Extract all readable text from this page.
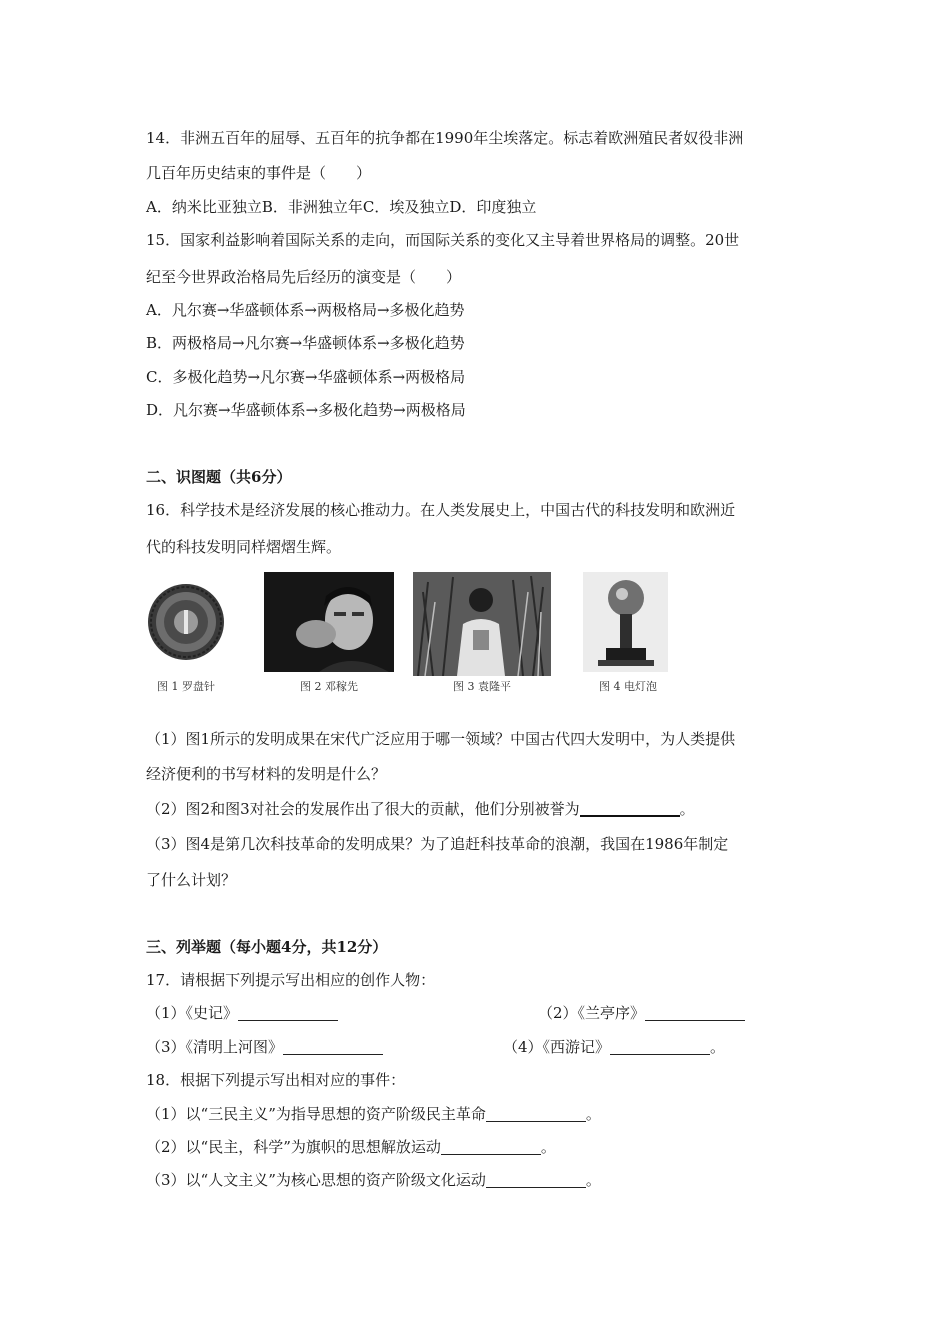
14．非洲五百年的屈辱、五百年的抗争都在1990年尘埃落定。标志着欧洲殖民者奴役非洲
几百年历史结束的事件是（　　）
A．纳米比亚独立B．非洲独立年C．埃及独立D．印度独立
15．国家利益影响着国际关系的走向，而国际关系的变化又主导着世界格局的调整。20世
纪至今世界政治格局先后经历的演变是（　　）
A．凡尔赛→华盛顿体系→两极格局→多极化趋势
B．两极格局→凡尔赛→华盛顿体系→多极化趋势
C．多极化趋势→凡尔赛→华盛顿体系→两极格局
D．凡尔赛→华盛顿体系→多极化趋势→两极格局
二、识图题（共6分）
16．科学技术是经济发展的核心推动力。在人类发展史上，中国古代的科技发明和欧洲近
代的科技发明同样熠熠生辉。
图 1 罗盘针	图 2 邓稼先	图 3 袁隆平	图 4 电灯泡
（1）图1所示的发明成果在宋代广泛应用于哪一领域？中国古代四大发明中，为人类提供
经济便利的书写材料的发明是什么？
（2）图2和图3对社会的发展作出了很大的贡献，他们分别被誉为	。
（3）图4是第几次科技革命的发明成果？为了追赶科技革命的浪潮，我国在1986年制定
了什么计划？
三、列举题（每小题4分，共12分）
17．请根据下列提示写出相应的创作人物：
（1）《史记》	（2）《兰亭序》
（3）《清明上河图》	（4）《西游记》	。
18．根据下列提示写出相对应的事件：
（1）以“三民主义”为指导思想的资产阶级民主革命	。
（2）以“民主，科学”为旗帜的思想解放运动	。
（3）以“人文主义”为核心思想的资产阶级文化运动	。
